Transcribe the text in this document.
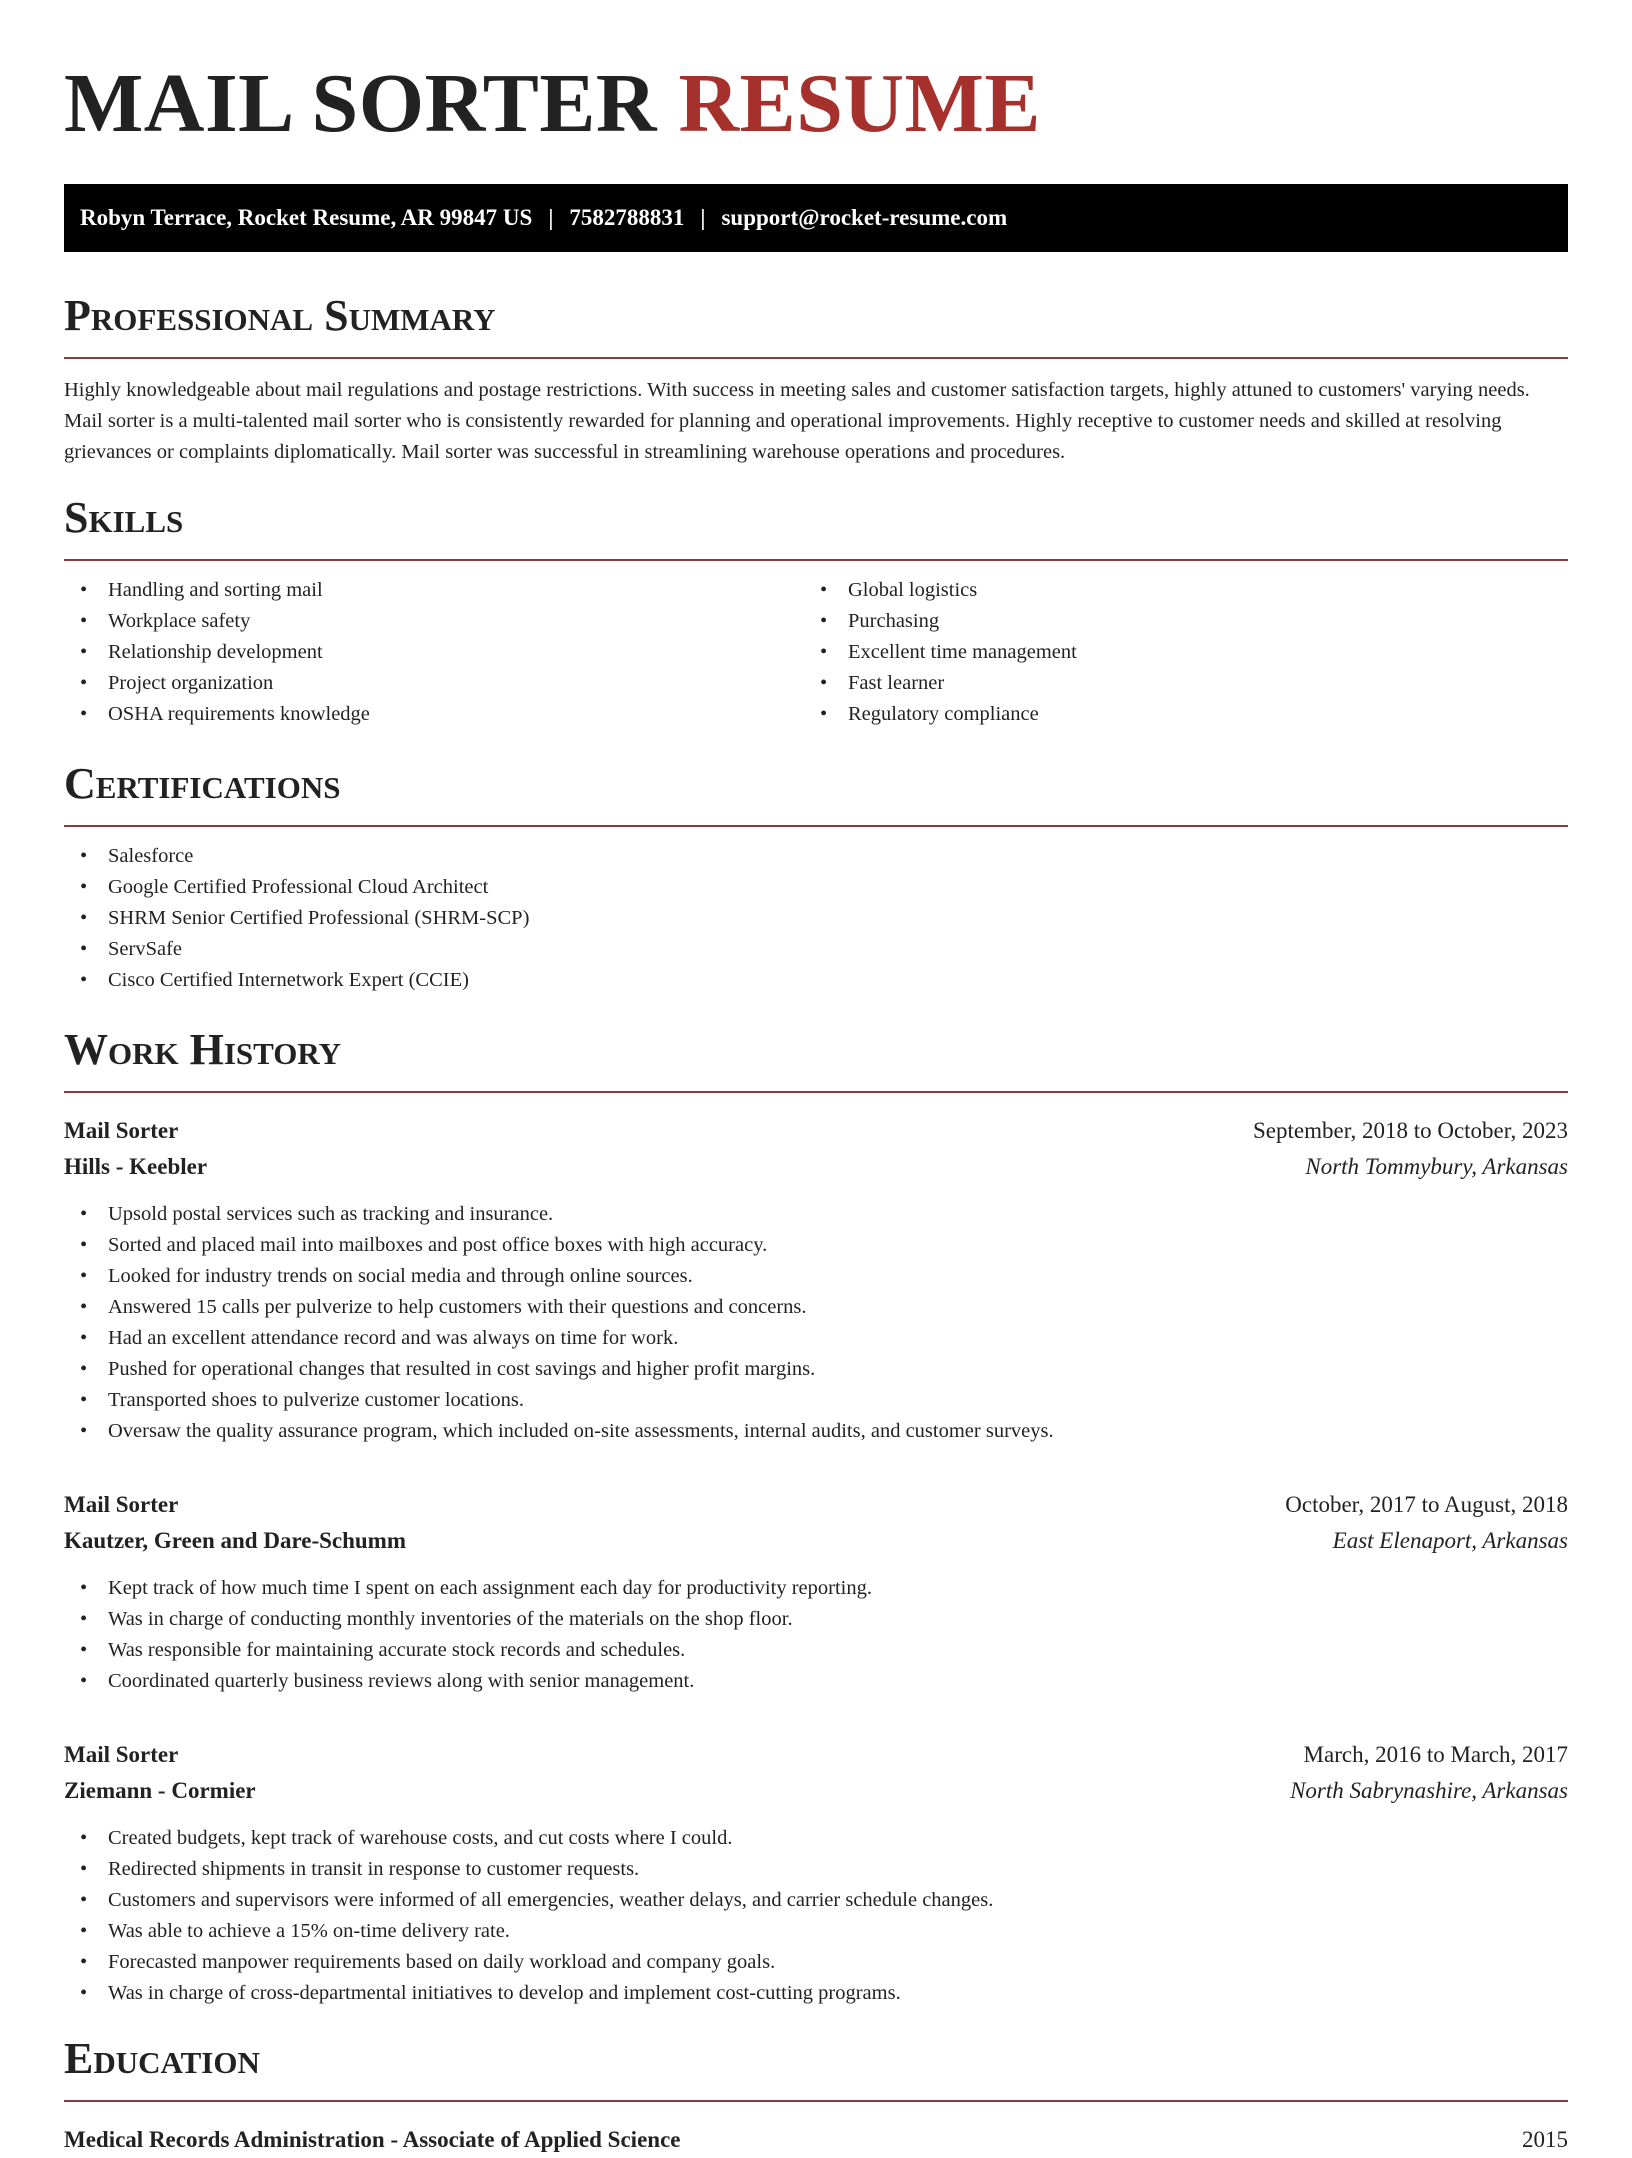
MAIL SORTER RESUME
Robyn Terrace, Rocket Resume, AR 99847 US | 7582788831 | support@rocket-resume.com
Professional Summary

Highly knowledgeable about mail regulations and postage restrictions. With success in meeting sales and customer satisfaction targets, highly attuned to customers' varying needs. Mail sorter is a multi-talented mail sorter who is consistently rewarded for planning and operational improvements. Highly receptive to customer needs and skilled at resolving grievances or complaints diplomatically. Mail sorter was successful in streamlining warehouse operations and procedures.

Skills
• Handling and sorting mail
• Workplace safety
• Relationship development
• Project organization
• OSHA requirements knowledge
• Global logistics
• Purchasing
• Excellent time management
• Fast learner
• Regulatory compliance
Certifications
• Salesforce
• Google Certified Professional Cloud Architect
• SHRM Senior Certified Professional (SHRM-SCP)
• ServSafe
• Cisco Certified Internetwork Expert (CCIE)
Work History
Mail Sorter	September, 2018 to October, 2023
Hills - Keebler	North Tommybury, Arkansas
• Upsold postal services such as tracking and insurance.
• Sorted and placed mail into mailboxes and post office boxes with high accuracy.
• Looked for industry trends on social media and through online sources.
• Answered 15 calls per pulverize to help customers with their questions and concerns.
• Had an excellent attendance record and was always on time for work.
• Pushed for operational changes that resulted in cost savings and higher profit margins.
• Transported shoes to pulverize customer locations.
• Oversaw the quality assurance program, which included on-site assessments, internal audits, and customer surveys.
Mail Sorter	October, 2017 to August, 2018
Kautzer, Green and Dare-Schumm	East Elenaport, Arkansas
• Kept track of how much time I spent on each assignment each day for productivity reporting.
• Was in charge of conducting monthly inventories of the materials on the shop floor.
• Was responsible for maintaining accurate stock records and schedules.
• Coordinated quarterly business reviews along with senior management.
Mail Sorter	March, 2016 to March, 2017
Ziemann - Cormier	North Sabrynashire, Arkansas
• Created budgets, kept track of warehouse costs, and cut costs where I could.
• Redirected shipments in transit in response to customer requests.
• Customers and supervisors were informed of all emergencies, weather delays, and carrier schedule changes.
• Was able to achieve a 15% on-time delivery rate.
• Forecasted manpower requirements based on daily workload and company goals.
• Was in charge of cross-departmental initiatives to develop and implement cost-cutting programs.
Education
Medical Records Administration - Associate of Applied Science	2015
